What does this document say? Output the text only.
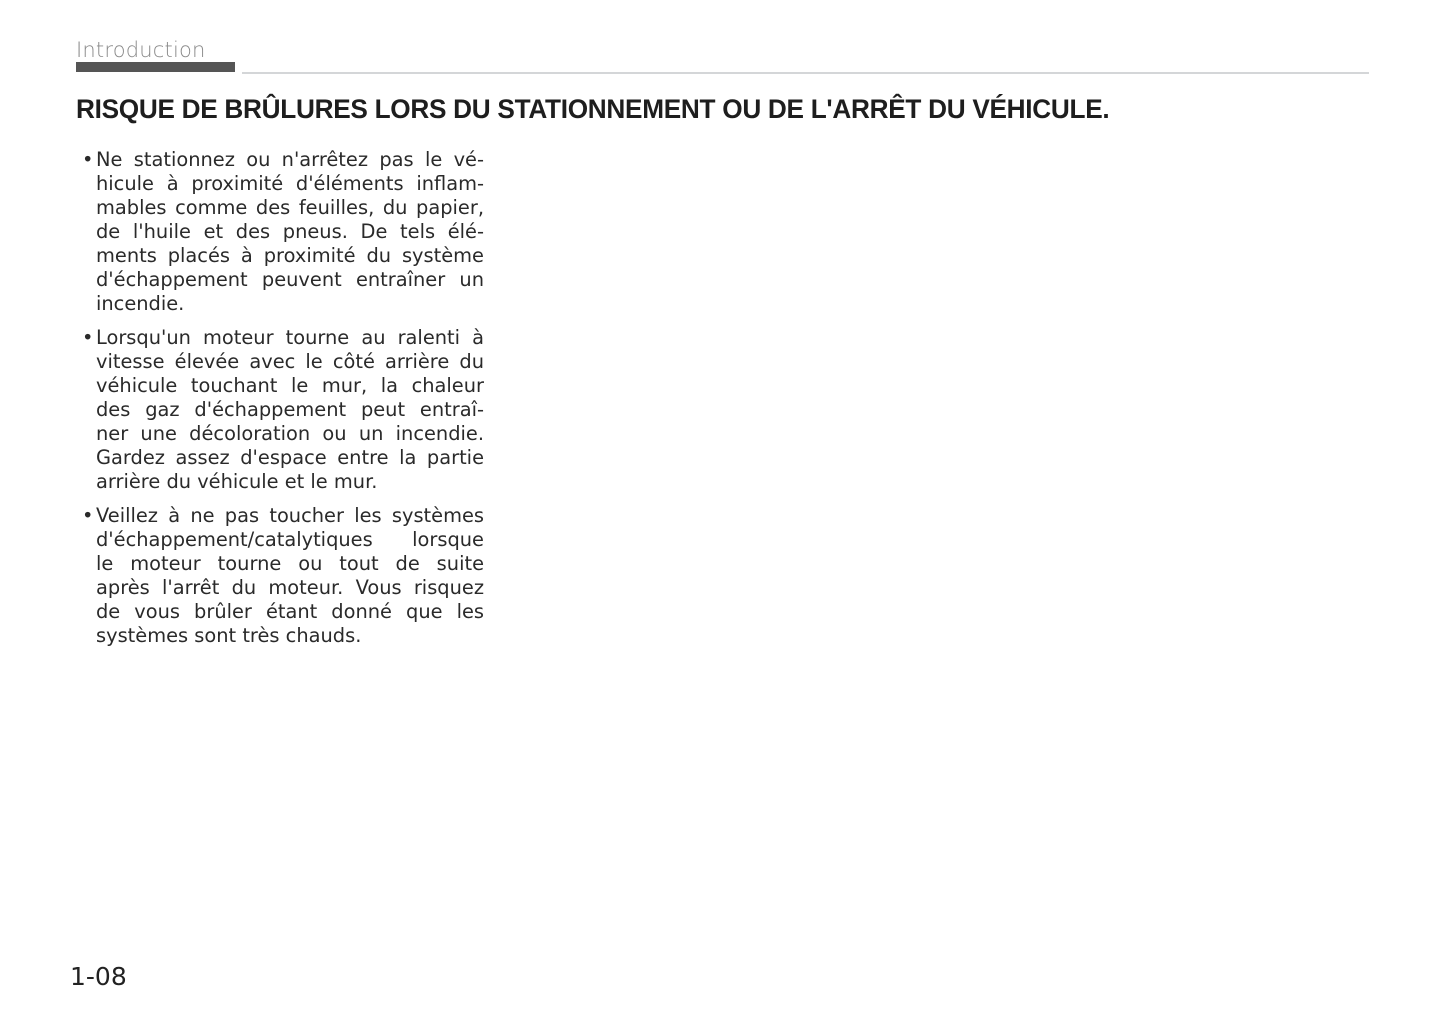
Introduction
RISQUE DE BRÛLURES LORS DU STATIONNEMENT OU DE L'ARRÊT DU VÉHICULE.
• Ne stationnez ou n'arrêtez pas le vé-
hicule à proximité d'éléments inflam-
mables comme des feuilles, du papier,
de l'huile et des pneus. De tels élé-
ments placés à proximité du système
d'échappement peuvent entraîner un
incendie.
• Lorsqu'un moteur tourne au ralenti à
vitesse élevée avec le côté arrière du
véhicule touchant le mur, la chaleur
des gaz d'échappement peut entraî-
ner une décoloration ou un incendie.
Gardez assez d'espace entre la partie
arrière du véhicule et le mur.
• Veillez à ne pas toucher les systèmes
d'échappement/catalytiques lorsque
le moteur tourne ou tout de suite
après l'arrêt du moteur. Vous risquez
de vous brûler étant donné que les
systèmes sont très chauds.
1-08
